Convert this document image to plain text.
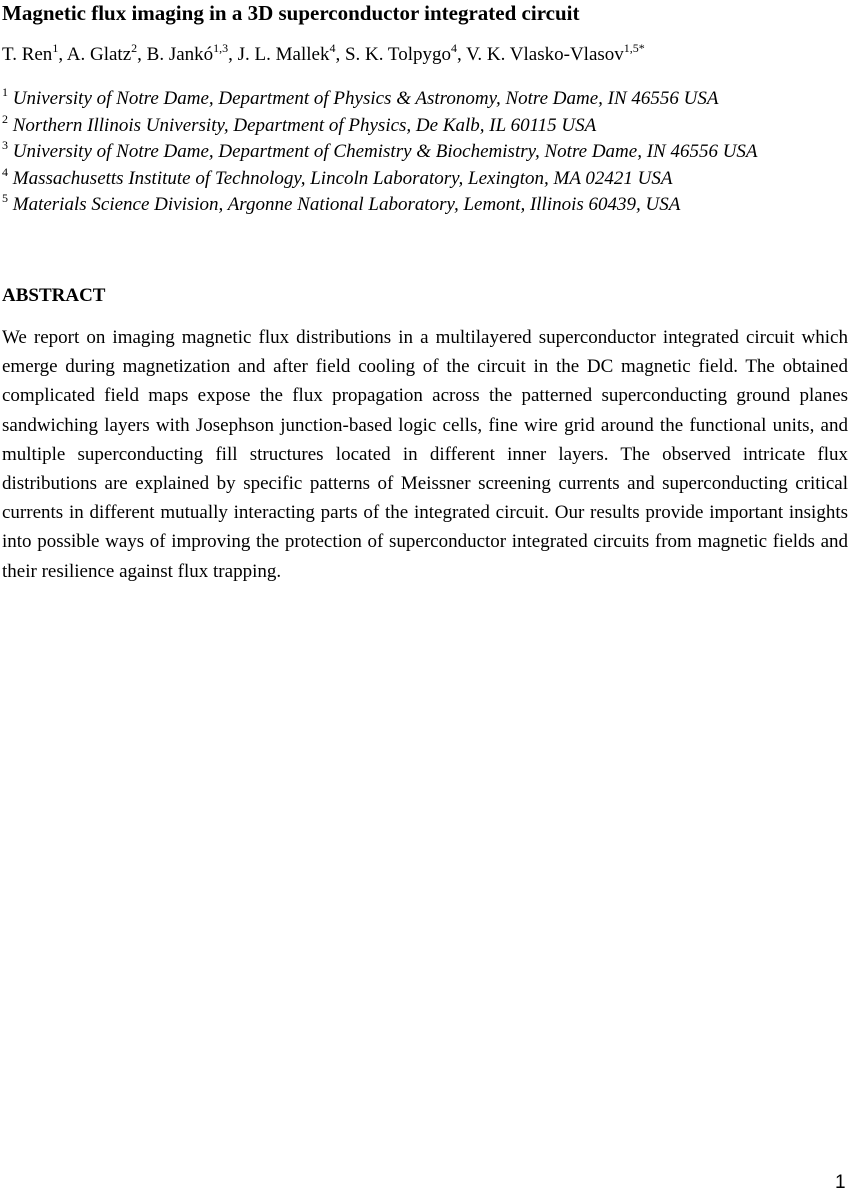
Magnetic flux imaging in a 3D superconductor integrated circuit

T. Ren$^1$, A. Glatz$^2$, B. Jankó$^{1,3}$, J. L. Mallek$^4$, S. K. Tolpygo$^4$, V. K. Vlasko-Vlasov$^{1,5*}$

$^1$ University of Notre Dame, Department of Physics & Astronomy, Notre Dame, IN 46556 USA
$^2$ Northern Illinois University, Department of Physics, De Kalb, IL 60115 USA
$^3$ University of Notre Dame, Department of Chemistry & Biochemistry, Notre Dame, IN 46556 USA
$^4$ Massachusetts Institute of Technology, Lincoln Laboratory, Lexington, MA 02421 USA
$^5$ Materials Science Division, Argonne National Laboratory, Lemont, Illinois 60439, USA
ABSTRACT

We report on imaging magnetic flux distributions in a multilayered superconductor integrated circuit which emerge during magnetization and after field cooling of the circuit in the DC magnetic field. The obtained complicated field maps expose the flux propagation across the patterned superconducting ground planes sandwiching layers with Josephson junction-based logic cells, fine wire grid around the functional units, and multiple superconducting fill structures located in different inner layers. The observed intricate flux distributions are explained by specific patterns of Meissner screening currents and superconducting critical currents in different mutually interacting parts of the integrated circuit. Our results provide important insights into possible ways of improving the protection of superconductor integrated circuits from magnetic fields and their resilience against flux trapping.

1
